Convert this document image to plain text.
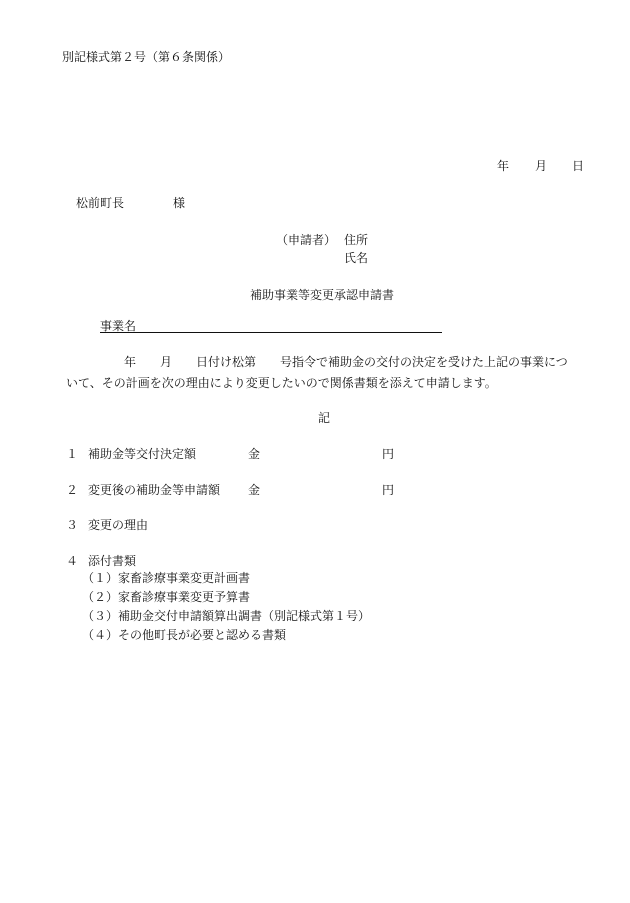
別記様式第２号（第６条関係）
年 月 日
松前町長	様
（申請者） 住所
氏名
補助事業等変更承認申請書
事業名
年　　月　　日付け松第　　号指令で補助金の交付の決定を受けた上記の事業につ
いて、その計画を次の理由により変更したいので関係書類を添えて申請します。
記
１ 補助金等交付決定額	金	円
２ 変更後の補助金等申請額 金	円
３ 変更の理由
４ 添付書類
（１）家畜診療事業変更計画書
（２）家畜診療事業変更予算書
（３）補助金交付申請額算出調書（別記様式第１号）
（４）その他町長が必要と認める書類
